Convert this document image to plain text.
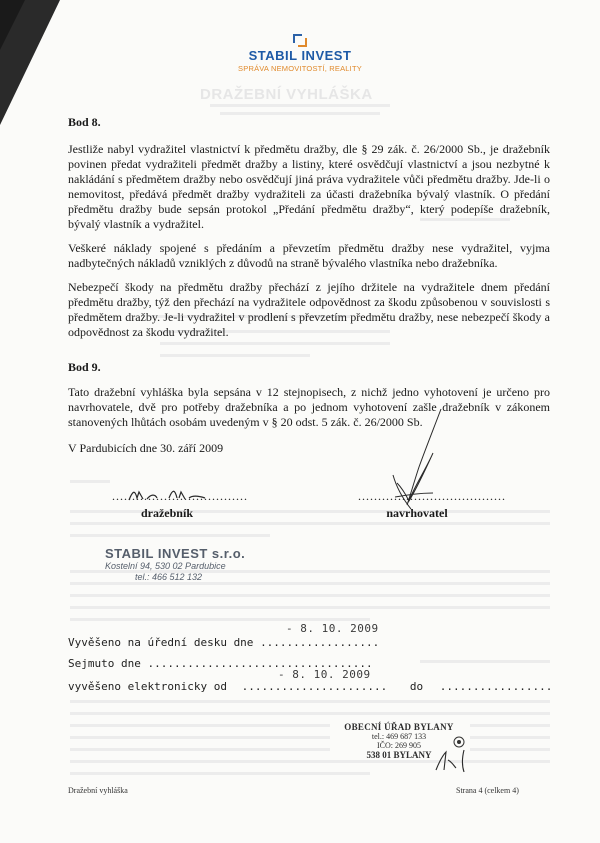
STABIL INVEST
SPRÁVA NEMOVITOSTÍ, REALITY
DRAŽEBNÍ VYHLÁŠKA
Bod 8.

Jestliže nabyl vydražitel vlastnictví k předmětu dražby, dle § 29 zák. č. 26/2000 Sb., je dražebník povinen předat vydražiteli předmět dražby a listiny, které osvědčují vlastnictví a jsou nezbytné k nakládání s předmětem dražby nebo osvědčují jiná práva vydražitele vůči předmětu dražby. Jde-li o nemovitost, předává předmět dražby vydražiteli za účasti dražebníka bývalý vlastník. O předání předmětu dražby bude sepsán protokol „Předání předmětu dražby“, který podepíše dražebník, bývalý vlastník a vydražitel.

Veškeré náklady spojené s předáním a převzetím předmětu dražby nese vydražitel, vyjma nadbytečných nákladů vzniklých z důvodů na straně bývalého vlastníka nebo dražebníka.

Nebezpečí škody na předmětu dražby přechází z jejího držitele na vydražitele dnem předání předmětu dražby, týž den přechází na vydražitele odpovědnost za škodu způsobenou v souvislosti s předmětem dražby. Je-li vydražitel v prodlení s převzetím předmětu dražby, nese nebezpečí škody a odpovědnost za škodu vydražitel.

Bod 9.

Tato dražební vyhláška byla sepsána v 12 stejnopisech, z nichž jedno vyhotovení je určeno pro navrhovatele, dvě pro potřeby dražebníka a po jednom vyhotovení zašle dražebník v zákonem stanovených lhůtách osobám uvedeným v § 20 odst. 5 zák. č. 26/2000 Sb.

V Pardubicích dne 30. září 2009
..................................
dražebník
.....................................
navrhovatel
STABIL INVEST s.r.o.
Kostelní 94, 530 02 Pardubice
tel.: 466 512 132
- 8. 10. 2009
Vyvěšeno na úřední desku dne ..................
Sejmuto dne ..................................
- 8. 10. 2009
vyvěšeno elektronicky od ...................... do .................
OBECNÍ ÚŘAD BYLANY
tel.: 469 687 133
IČO: 269 905
538 01 BYLANY
Dražební vyhláška	Strana 4 (celkem 4)
